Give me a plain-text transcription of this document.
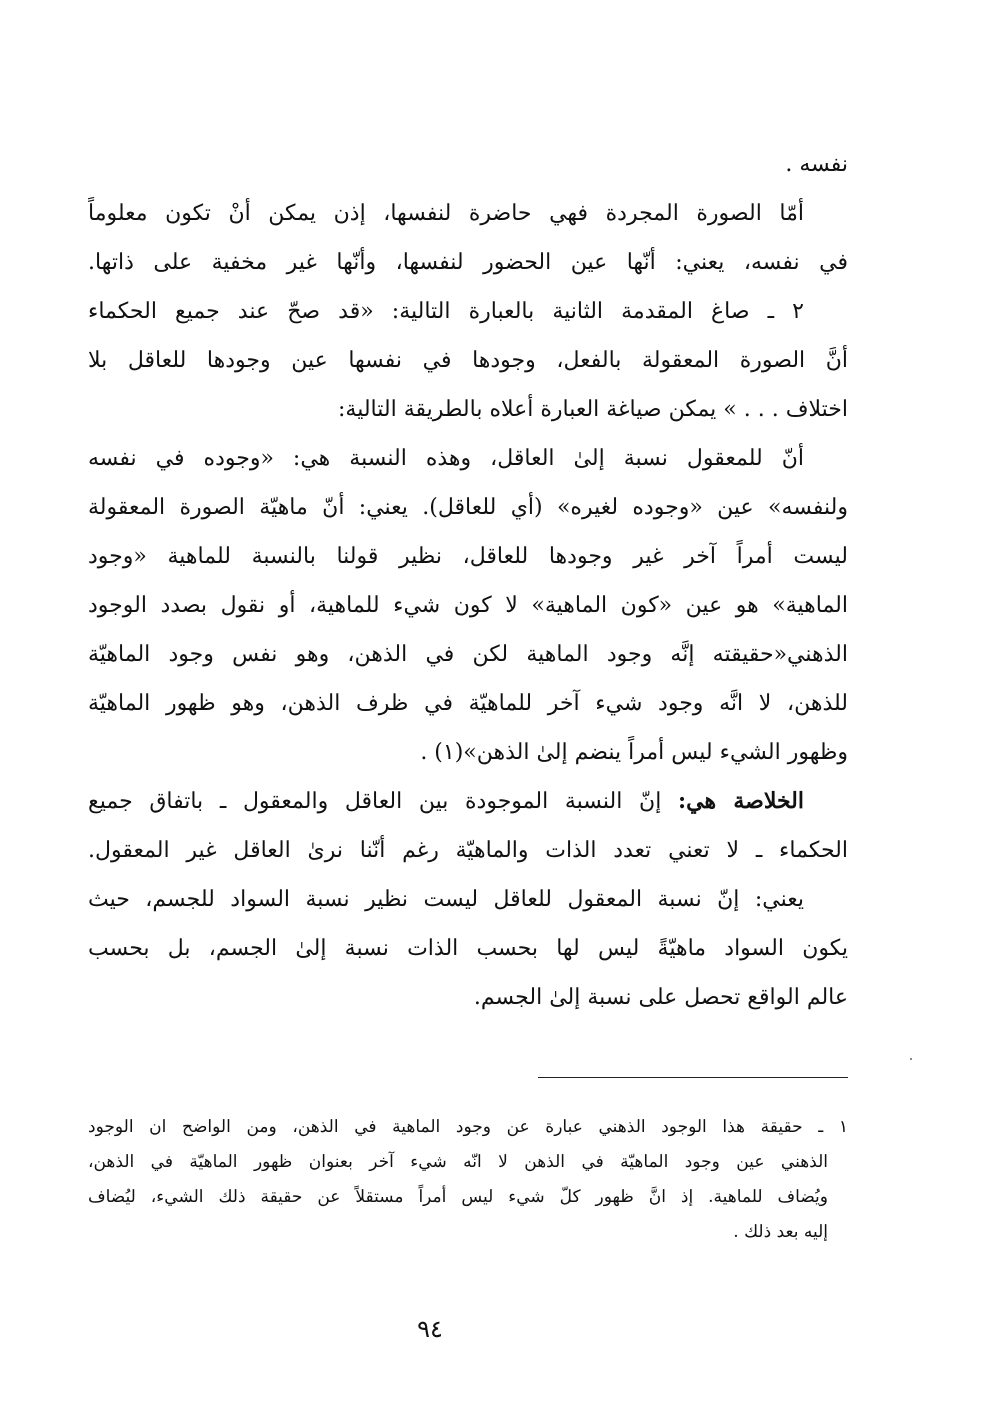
نفسه .
أمّا الصورة المجردة فهي حاضرة لنفسها، إذن يمكن أنْ تكون معلوماً
في نفسه، يعني: أنّها عين الحضور لنفسها، وأنّها غير مخفية على ذاتها.
٢ ـ صاغ المقدمة الثانية بالعبارة التالية: «قد صحّ عند جميع الحكماء
أنَّ الصورة المعقولة بالفعل، وجودها في نفسها عين وجودها للعاقل بلا
اختلاف . . . » يمكن صياغة العبارة أعلاه بالطريقة التالية:
أنّ للمعقول نسبة إلىٰ العاقل، وهذه النسبة هي: «وجوده في نفسه
ولنفسه» عين «وجوده لغيره» (أي للعاقل). يعني: أنّ ماهيّة الصورة المعقولة
ليست أمراً آخر غير وجودها للعاقل، نظير قولنا بالنسبة للماهية «وجود
الماهية» هو عين «كون الماهية» لا كون شيء للماهية، أو نقول بصدد الوجود
الذهني«حقيقته إنَّه وجود الماهية لكن في الذهن، وهو نفس وجود الماهيّة
للذهن، لا انَّه وجود شيء آخر للماهيّة في ظرف الذهن، وهو ظهور الماهيّة
وظهور الشيء ليس أمراً ينضم إلىٰ الذهن»(١) .
الخلاصة هي: إنّ النسبة الموجودة بين العاقل والمعقول ـ باتفاق جميع
الحكماء ـ لا تعني تعدد الذات والماهيّة رغم أنّنا نرىٰ العاقل غير المعقول.
يعني: إنّ نسبة المعقول للعاقل ليست نظير نسبة السواد للجسم، حيث
يكون السواد ماهيّةً ليس لها بحسب الذات نسبة إلىٰ الجسم، بل بحسب
عالم الواقع تحصل على نسبة إلىٰ الجسم.
١ ـ حقيقة هذا الوجود الذهني عبارة عن وجود الماهية في الذهن، ومن الواضح ان الوجود
الذهني عين وجود الماهيّة في الذهن لا انّه شيء آخر بعنوان ظهور الماهيّة في الذهن،
ويُضاف للماهية. إذ انَّ ظهور كلّ شيء ليس أمراً مستقلاً عن حقيقة ذلك الشيء، ليُضاف
إليه بعد ذلك .
٩٤
